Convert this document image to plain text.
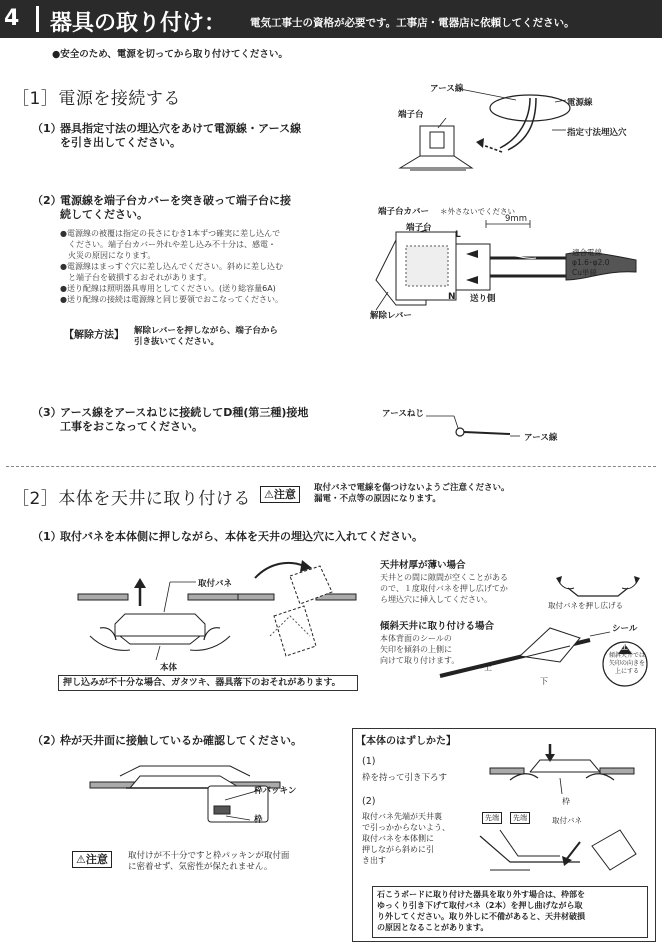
4 器具の取り付け： 電気工事士の資格が必要です。工事店・電器店に依頼してください。
●安全のため、電源を切ってから取り付けてください。
［1］電源を接続する
（1）
器具指定寸法の埋込穴をあけて電源線・アース線
を引き出してください。
アース線
端子台
電源線
指定寸法埋込穴
（2）
電源線を端子台カバーを突き破って端子台に接
続してください。
●電源線の被覆は指定の長さにむき1本ずつ確実に差し込んで
　ください。端子台カバー外れや差し込み不十分は、感電・
　火災の原因になります。
●電源線はまっすぐ穴に差し込んでください。斜めに差し込む
　と端子台を破損するおそれがあります。
●送り配線は照明器具専用としてください。(送り総容量6A)
●送り配線の接続は電源線と同じ要領でおこなってください。
【解除方法】 解除レバーを押しながら、端子台から
引き抜いてください。
端子台カバー ＊外さないでください
端子台
L
9mm
適合電線
φ1.6･φ2.0
Cu単線
N 送り側
解除レバー
（3）
アース線をアースねじに接続してD種(第三種)接地
工事をおこなってください。
アースねじ
アース線
［2］本体を天井に取り付ける	⚠注意	取付バネで電線を傷つけないようご注意ください。
漏電・不点等の原因になります。
（1）
取付バネを本体側に押しながら、本体を天井の埋込穴に入れてください。
取付バネ
本体
押し込みが不十分な場合、ガタツキ、器具落下のおそれがあります。
天井材厚が薄い場合
天井との間に隙間が空くことがある
ので、１度取付バネを押し広げてか
ら埋込穴に挿入してください。
取付バネを押し広げる
傾斜天井に取り付ける場合
本体背面のシールの
矢印を傾斜の上側に
向けて取り付けます。
シール
上
傾斜天井では
矢印の向きを
上にする
上
下
（2）
枠が天井面に接触しているか確認してください。
枠パッキン
枠
⚠注意	取付けが不十分ですと枠パッキンが取付面
に密着せず、気密性が保たれません。
【本体のはずしかた】
(1)
枠を持って引き下ろす
枠
(2)
取付バネ先端が天井裏
で引っかからないよう、
取付バネを本体側に
押しながら斜めに引
き出す
先端	先端	取付バネ
石こうボードに取り付けた器具を取り外す場合は、枠部を
ゆっくり引き下げて取付バネ（2本）を押し曲げながら取
り外してください。取り外しに不備があると、天井材破損
の原因となることがあります。
